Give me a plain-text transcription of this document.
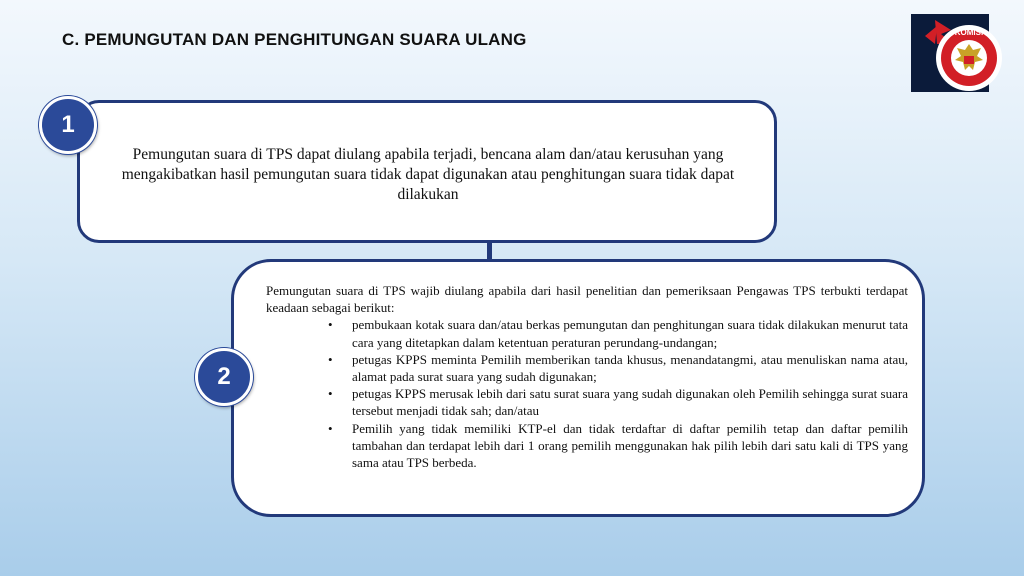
C. PEMUNGUTAN DAN PENGHITUNGAN SUARA ULANG	KOMISI
Pemungutan suara di TPS dapat diulang apabila terjadi, bencana alam dan/atau kerusuhan yang mengakibatkan hasil pemungutan suara tidak dapat digunakan atau penghitungan suara tidak dapat dilakukan

Pemungutan suara di TPS wajib diulang apabila dari hasil penelitian dan pemeriksaan Pengawas TPS terbukti terdapat keadaan sebagai berikut:

• pembukaan kotak suara dan/atau berkas pemungutan dan penghitungan suara tidak dilakukan menurut tata cara yang ditetapkan dalam ketentuan peraturan perundang-undangan;
• petugas KPPS meminta Pemilih memberikan tanda khusus, menandatangmi, atau menuliskan nama atau, alamat pada surat suara yang sudah digunakan;
• petugas KPPS merusak lebih dari satu surat suara yang sudah digunakan oleh Pemilih sehingga surat suara tersebut menjadi tidak sah; dan/atau
• Pemilih yang tidak memiliki KTP-el dan tidak terdaftar di daftar pemilih tetap dan daftar pemilih tambahan dan terdapat lebih dari 1 orang pemilih menggunakan hak pilih lebih dari satu kali di TPS yang sama atau TPS berbeda.
1
2
